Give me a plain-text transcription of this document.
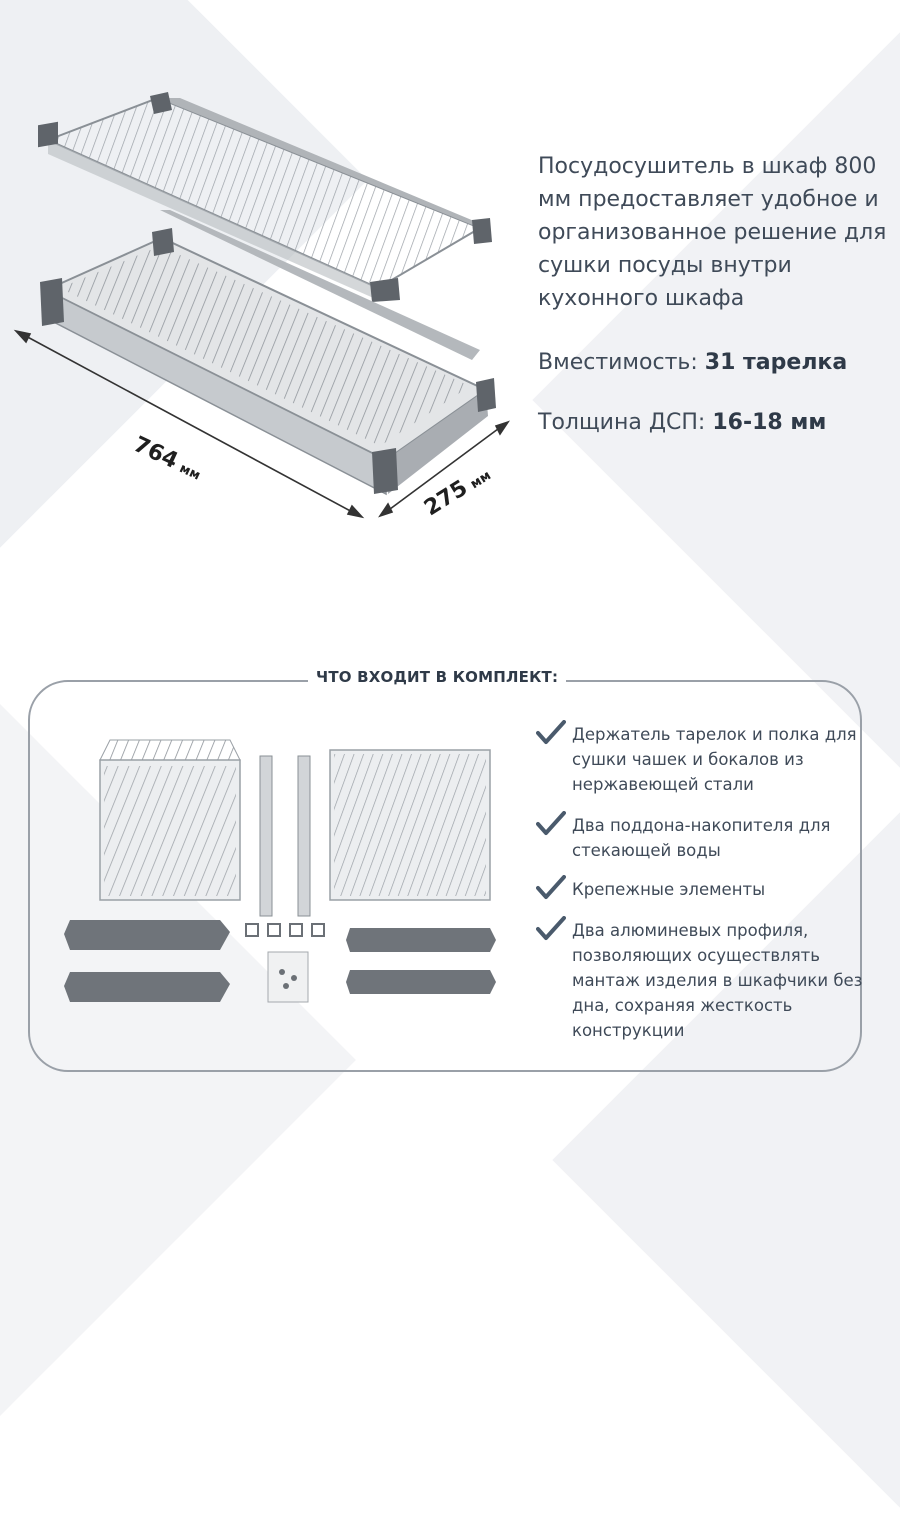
764 мм
275 мм

Посудосушитель в шкаф 800 мм предоставляет удобное и организованное решение для сушки посуды внутри кухонного шкафа

Вместимость: 31 тарелка
Толщина ДСП: 16-18 мм
ЧТО ВХОДИТ В КОМПЛЕКТ:
Держатель тарелок и полка для сушки чашек и бокалов из нержавеющей стали
Два поддона-накопителя для стекающей воды
Крепежные элементы
Два алюминевых профиля, позволяющих осуществлять мантаж изделия в шкафчики без дна, сохраняя жесткость конструкции
